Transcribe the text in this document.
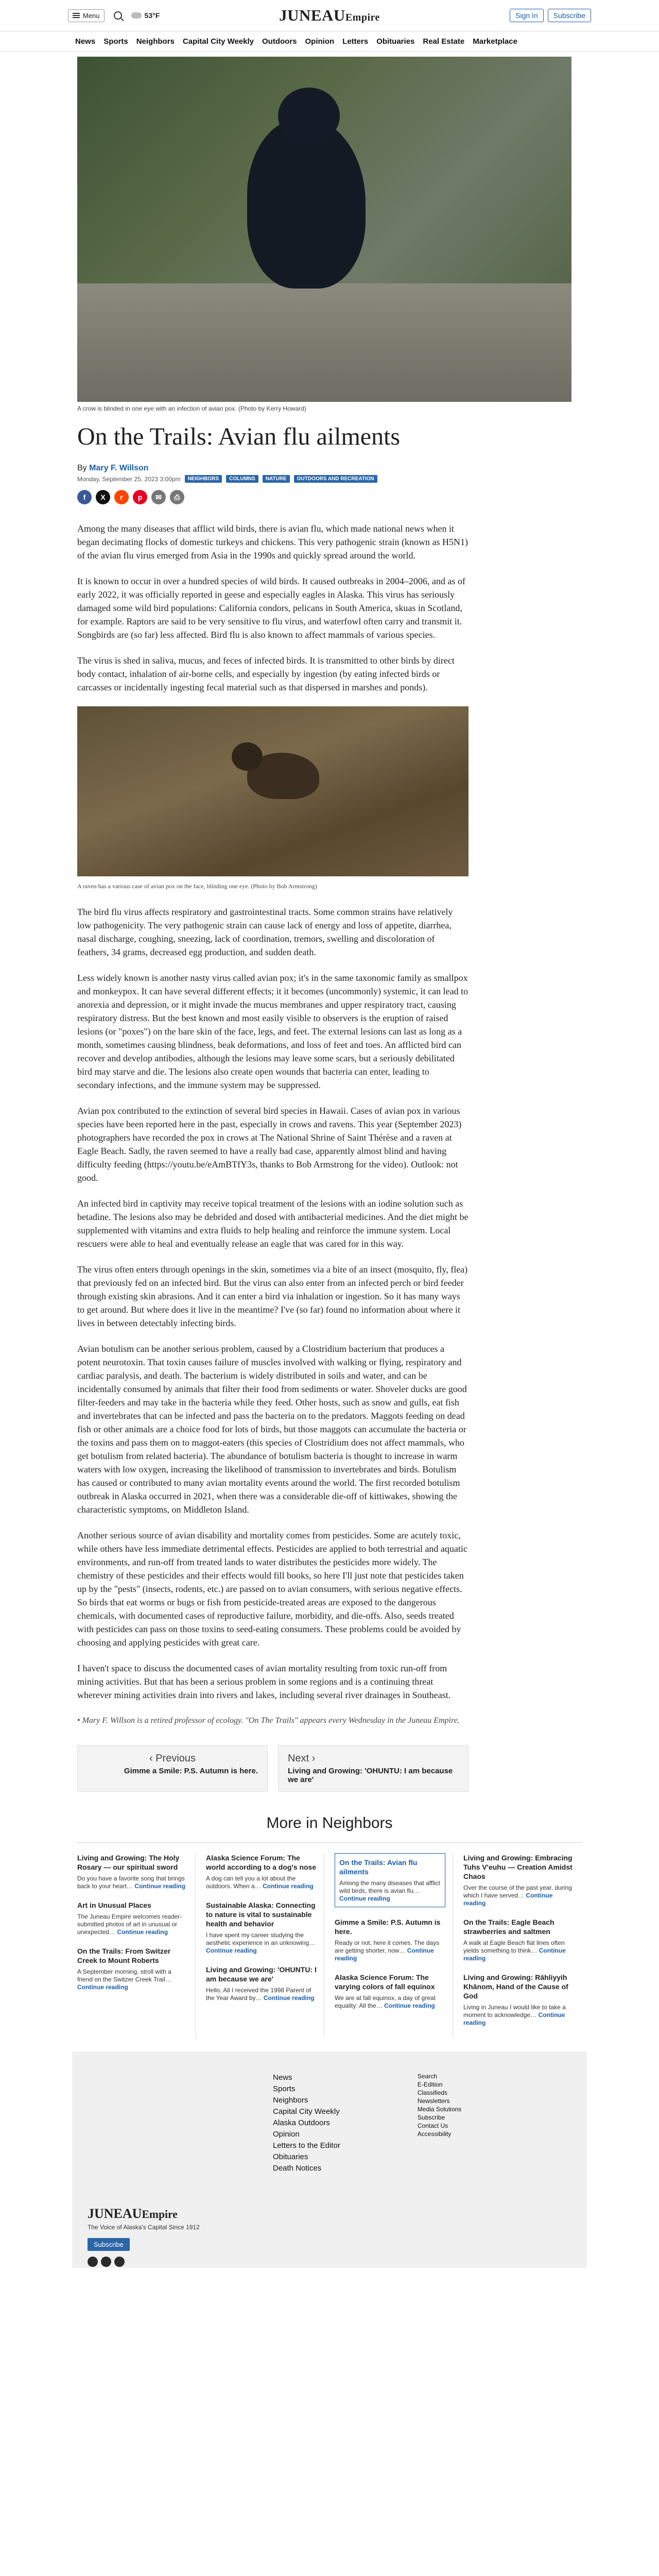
Menu	53°F	JUNEAUEmpire	Sign In	Subscribe
News Sports Neighbors Capital City Weekly Outdoors Opinion Letters Obituaries Real Estate Marketplace

A crow is blinded in one eye with an infection of avian pox. (Photo by Kerry Howard)

On the Trails: Avian flu ailments

By Mary F. Willson

Monday, September 25, 2023 3:00pm	NEIGHBORS	COLUMNS	NATURE	OUTDOORS AND RECREATION
f	X	r	p	✉	⎙

Among the many diseases that afflict wild birds, there is avian flu, which made national news when it began decimating flocks of domestic turkeys and chickens. This very pathogenic strain (known as H5N1) of the avian flu virus emerged from Asia in the 1990s and quickly spread around the world.

It is known to occur in over a hundred species of wild birds. It caused outbreaks in 2004–2006, and as of early 2022, it was officially reported in geese and especially eagles in Alaska. This virus has seriously damaged some wild bird populations: California condors, pelicans in South America, skuas in Scotland, for example. Raptors are said to be very sensitive to flu virus, and waterfowl often carry and transmit it. Songbirds are (so far) less affected. Bird flu is also known to affect mammals of various species.

The virus is shed in saliva, mucus, and feces of infected birds. It is transmitted to other birds by direct body contact, inhalation of air-borne cells, and especially by ingestion (by eating infected birds or carcasses or incidentally ingesting fecal material such as that dispersed in marshes and ponds).

A raven has a various case of avian pox on the face, blinding one eye. (Photo by Bob Armstrong)

The bird flu virus affects respiratory and gastrointestinal tracts. Some common strains have relatively low pathogenicity. The very pathogenic strain can cause lack of energy and loss of appetite, diarrhea, nasal discharge, coughing, sneezing, lack of coordination, tremors, swelling and discoloration of feathers, 34 grams, decreased egg production, and sudden death.

Less widely known is another nasty virus called avian pox; it's in the same taxonomic family as smallpox and monkeypox. It can have several different effects; it it becomes (uncommonly) systemic, it can lead to anorexia and depression, or it might invade the mucus membranes and upper respiratory tract, causing respiratory distress. But the best known and most easily visible to observers is the eruption of raised lesions (or "poxes") on the bare skin of the face, legs, and feet. The external lesions can last as long as a month, sometimes causing blindness, beak deformations, and loss of feet and toes. An afflicted bird can recover and develop antibodies, although the lesions may leave some scars, but a seriously debilitated bird may starve and die. The lesions also create open wounds that bacteria can enter, leading to secondary infections, and the immune system may be suppressed.

Avian pox contributed to the extinction of several bird species in Hawaii. Cases of avian pox in various species have been reported here in the past, especially in crows and ravens. This year (September 2023) photographers have recorded the pox in crows at The National Shrine of Saint Thérèse and a raven at Eagle Beach. Sadly, the raven seemed to have a really bad case, apparently almost blind and having difficulty feeding (https://youtu.be/eAmBTfY3s, thanks to Bob Armstrong for the video). Outlook: not good.

An infected bird in captivity may receive topical treatment of the lesions with an iodine solution such as betadine. The lesions also may be debrided and dosed with antibacterial medicines. And the diet might be supplemented with vitamins and extra fluids to help healing and reinforce the immune system. Local rescuers were able to heal and eventually release an eagle that was cared for in this way.

The virus often enters through openings in the skin, sometimes via a bite of an insect (mosquito, fly, flea) that previously fed on an infected bird. But the virus can also enter from an infected perch or bird feeder through existing skin abrasions. And it can enter a bird via inhalation or ingestion. So it has many ways to get around. But where does it live in the meantime? I've (so far) found no information about where it lives in between detectably infecting birds.

Avian botulism can be another serious problem, caused by a Clostridium bacterium that produces a potent neurotoxin. That toxin causes failure of muscles involved with walking or flying, respiratory and cardiac paralysis, and death. The bacterium is widely distributed in soils and water, and can be incidentally consumed by animals that filter their food from sediments or water. Shoveler ducks are good filter-feeders and may take in the bacteria while they feed. Other hosts, such as snow and gulls, eat fish and invertebrates that can be infected and pass the bacteria on to the predators. Maggots feeding on dead fish or other animals are a choice food for lots of birds, but those maggots can accumulate the bacteria or the toxins and pass them on to maggot-eaters (this species of Clostridium does not affect mammals, who get botulism from related bacteria). The abundance of botulism bacteria is thought to increase in warm waters with low oxygen, increasing the likelihood of transmission to invertebrates and birds. Botulism has caused or contributed to many avian mortality events around the world. The first recorded botulism outbreak in Alaska occurred in 2021, when there was a considerable die-off of kittiwakes, showing the characteristic symptoms, on Middleton Island.

Another serious source of avian disability and mortality comes from pesticides. Some are acutely toxic, while others have less immediate detrimental effects. Pesticides are applied to both terrestrial and aquatic environments, and run-off from treated lands to water distributes the pesticides more widely. The chemistry of these pesticides and their effects would fill books, so here I'll just note that pesticides taken up by the "pests" (insects, rodents, etc.) are passed on to avian consumers, with serious negative effects. So birds that eat worms or bugs or fish from pesticide-treated areas are exposed to the dangerous chemicals, with documented cases of reproductive failure, morbidity, and die-offs. Also, seeds treated with pesticides can pass on those toxins to seed-eating consumers. These problems could be avoided by choosing and applying pesticides with great care.

I haven't space to discuss the documented cases of avian mortality resulting from toxic run-off from mining activities. But that has been a serious problem in some regions and is a continuing threat wherever mining activities drain into rivers and lakes, including several river drainages in Southeast.

• Mary F. Willson is a retired professor of ecology. "On The Trails" appears every Wednesday in the Juneau Empire.

‹ Previous
Gimme a Smile: P.S. Autumn is here.
Next ›
Living and Growing: 'OHUNTU: I am because we are'
More in Neighbors
Living and Growing: The Holy Rosary — our spiritual sword
Do you have a favorite song that brings back to your heart… Continue reading
Art in Unusual Places
The Juneau Empire welcomes reader-submitted photos of art in unusual or unexpected… Continue reading
On the Trails: From Switzer Creek to Mount Roberts
A September morning, stroll with a friend on the Switzer Creek Trail… Continue reading
Alaska Science Forum: The world according to a dog's nose
A dog can tell you a lot about the outdoors. When a… Continue reading
Sustainable Alaska: Connecting to nature is vital to sustainable health and behavior
I have spent my career studying the aesthetic experience in an unknowing… Continue reading
Living and Growing: 'OHUNTU: I am because we are'
Hello, All I received the 1998 Parent of the Year Award by… Continue reading
On the Trails: Avian flu ailments
Among the many diseases that afflict wild birds, there is avian flu… Continue reading
Gimme a Smile: P.S. Autumn is here.
Ready or not, here it comes. The days are getting shorter, now… Continue reading
Alaska Science Forum: The varying colors of fall equinox
We are at fall equinox, a day of great equality: All the… Continue reading
Living and Growing: Embracing Tuhs V'euhu — Creation Amidst Chaos
Over the course of the past year, during which I have served… Continue reading
On the Trails: Eagle Beach strawberries and saltmen
A walk at Eagle Beach flat lines often yields something to think… Continue reading
Living and Growing: Rāhliyyih Khānom, Hand of the Cause of God
Living in Juneau I would like to take a moment to acknowledge… Continue reading
News
Sports
Neighbors
Capital City Weekly
Alaska Outdoors
Opinion
Letters to the Editor
Obituaries
Death Notices
Search
E-Edition
Classifieds
Newsletters
Media Solutions
Subscribe
Contact Us
Accessibility
JUNEAUEmpire
The Voice of Alaska's Capital Since 1912
Subscribe
